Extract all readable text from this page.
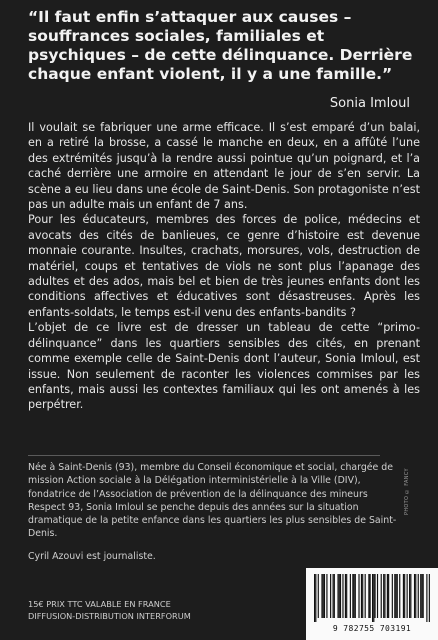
“Il faut enfin s’attaquer aux causes – souffrances sociales, familiales et psychiques – de cette délinquance. Derrière chaque enfant violent, il y a une famille.”

Sonia Imloul

Il voulait se fabriquer une arme efficace. Il s’est emparé d’un balai, en a retiré la brosse, a cassé le manche en deux, en a affûté l’une des extrémités jusqu’à la rendre aussi pointue qu’un poignard, et l’a caché derrière une armoire en attendant le jour de s’en servir. La scène a eu lieu dans une école de Saint-Denis. Son protagoniste n’est pas un adulte mais un enfant de 7 ans.

Pour les éducateurs, membres des forces de police, médecins et avocats des cités de banlieues, ce genre d’histoire est devenue monnaie courante. Insultes, crachats, morsures, vols, destruction de matériel, coups et tentatives de viols ne sont plus l’apanage des adultes et des ados, mais bel et bien de très jeunes enfants dont les conditions affectives et éducatives sont désastreuses. Après les enfants-soldats, le temps est-il venu des enfants-bandits ?

L’objet de ce livre est de dresser un tableau de cette “primo-délinquance” dans les quartiers sensibles des cités, en prenant comme exemple celle de Saint-Denis dont l’auteur, Sonia Imloul, est issue. Non seulement de raconter les violences commises par les enfants, mais aussi les contextes familiaux qui les ont amenés à les perpétrer.

Née à Saint-Denis (93), membre du Conseil économique et social, chargée de mission Action sociale à la Délégation interministérielle à la Ville (DIV), fondatrice de l’Association de prévention de la délinquance des mineurs Respect 93, Sonia Imloul se penche depuis des années sur la situation dramatique de la petite enfance dans les quartiers les plus sensibles de Saint-Denis.

Cyril Azouvi est journaliste.
15€ PRIX TTC VALABLE EN FRANCE
DIFFUSION-DISTRIBUTION INTERFORUM
PHOTO © FANCY
9 782755 703191
